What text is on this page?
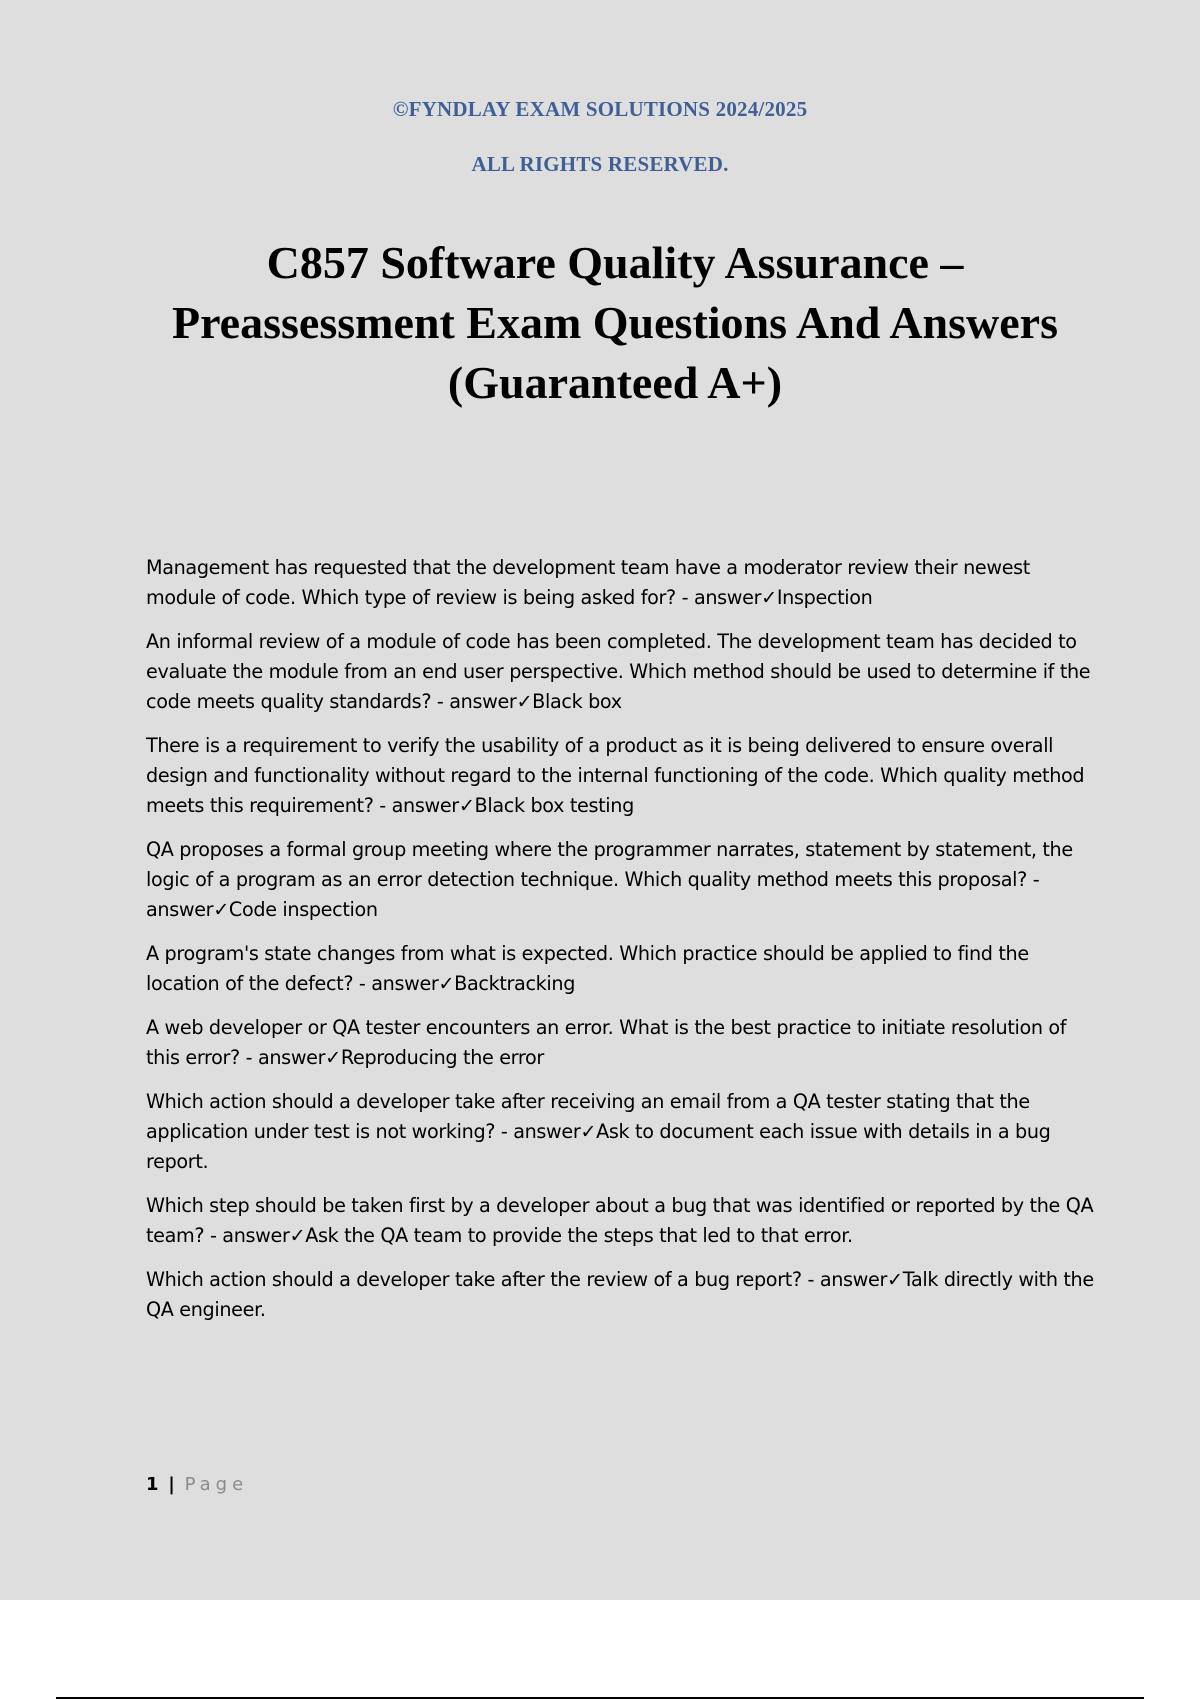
©FYNDLAY EXAM SOLUTIONS 2024/2025
ALL RIGHTS RESERVED.
C857 Software Quality Assurance –
Preassessment Exam Questions And Answers
(Guaranteed A+)
Management has requested that the development team have a moderator review their newest module of code. Which type of review is being asked for? - answer✓Inspection
An informal review of a module of code has been completed. The development team has decided to evaluate the module from an end user perspective. Which method should be used to determine if the code meets quality standards? - answer✓Black box
There is a requirement to verify the usability of a product as it is being delivered to ensure overall design and functionality without regard to the internal functioning of the code. Which quality method meets this requirement? - answer✓Black box testing
QA proposes a formal group meeting where the programmer narrates, statement by statement, the logic of a program as an error detection technique. Which quality method meets this proposal? - answer✓Code inspection
A program's state changes from what is expected. Which practice should be applied to find the location of the defect? - answer✓Backtracking
A web developer or QA tester encounters an error. What is the best practice to initiate resolution of this error? - answer✓Reproducing the error
Which action should a developer take after receiving an email from a QA tester stating that the application under test is not working? - answer✓Ask to document each issue with details in a bug report.
Which step should be taken first by a developer about a bug that was identified or reported by the QA team? - answer✓Ask the QA team to provide the steps that led to that error.
Which action should a developer take after the review of a bug report? - answer✓Talk directly with the QA engineer.
1 | Page
